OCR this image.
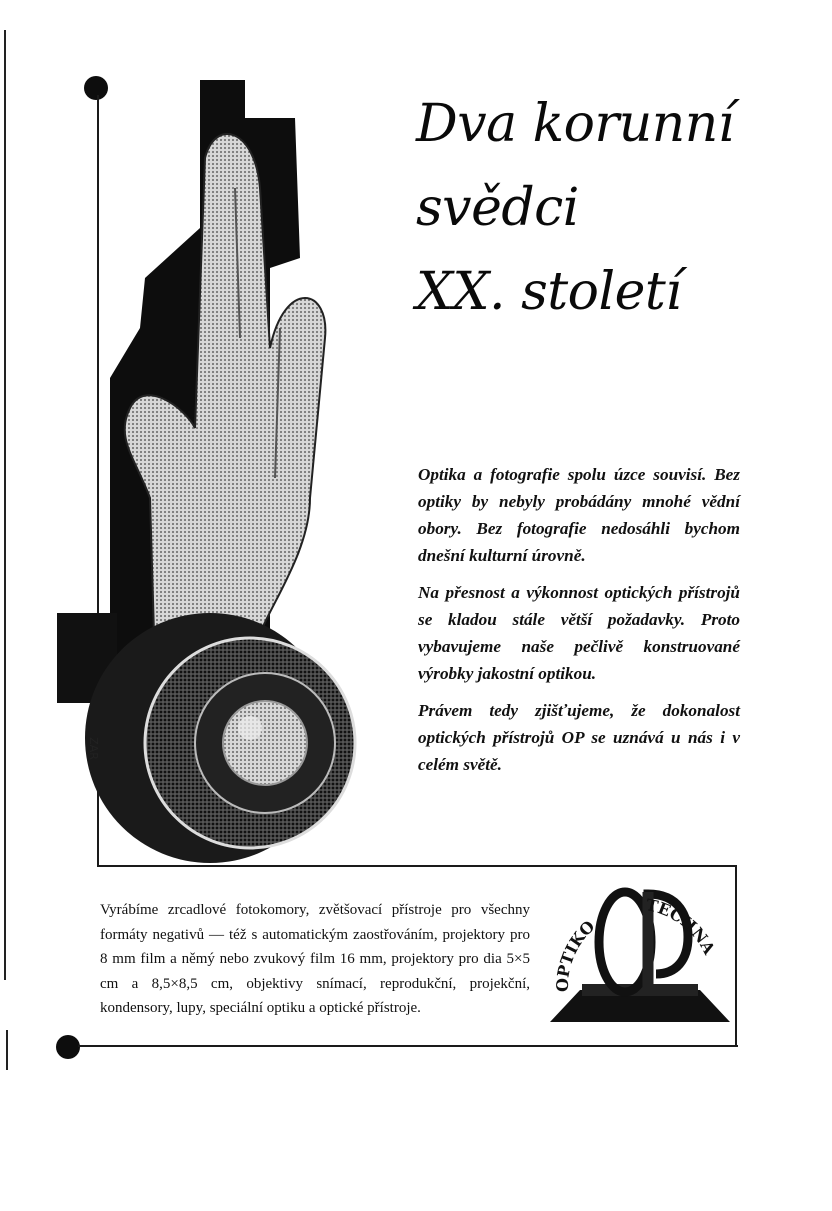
ZAR
Dva korunní
svědci
XX. století

Optika a fotografie spolu úzce souvisí. Bez optiky by nebyly probádány mnohé vědní obory. Bez fotografie nedosáhli bychom dnešní kulturní úrovně.

Na přesnost a výkonnost optických přístrojů se kladou stále větší požadavky. Proto vybavujeme naše pečlivě konstruované výrobky jakostní optikou.

Právem tedy zjišťujeme, že dokonalost optických přístrojů OP se uznává u nás i v celém světě.

Vyrábíme zrcadlové fotokomory, zvětšovací přístroje pro všechny formáty negativů — též s automatickým zaostřováním, projektory pro 8 mm film a němý nebo zvukový film 16 mm, projektory pro dia 5×5 cm a 8,5×8,5 cm, objektivy snímací, reprodukční, projekční, kondensory, lupy, speciální optiku a optické přístroje.
OPTIKO
TECHNA
